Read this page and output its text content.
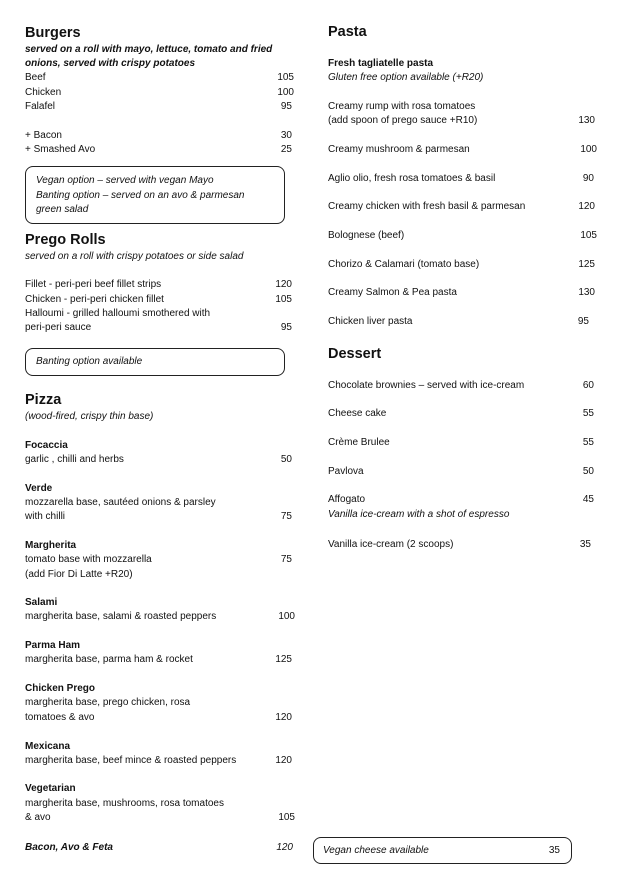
Burgers
served on a roll with mayo, lettuce, tomato and fried
onions, served with crispy potatoes
Beef	105
Chicken	100
Falafel	95
+ Bacon	30
+ Smashed Avo	25
Vegan option – served with vegan Mayo
Banting option – served on an avo & parmesan
green salad
Prego Rolls
served on a roll with crispy potatoes or side salad
Fillet - peri-peri beef fillet strips	120
Chicken - peri-peri chicken fillet	105
Halloumi - grilled halloumi smothered with
peri-peri sauce	95
Banting option available
Pizza
(wood-fired, crispy thin base)
Focaccia
garlic , chilli and herbs	50
Verde
mozzarella base, sautéed onions & parsley
with chilli	75
Margherita
tomato base with mozzarella	75
(add Fior Di Latte +R20)
Salami
margherita base, salami & roasted peppers	100
Parma Ham
margherita base, parma ham & rocket	125
Chicken Prego
margherita base, prego chicken, rosa
tomatoes & avo	120
Mexicana
margherita base, beef mince & roasted peppers	120
Vegetarian
margherita base, mushrooms, rosa tomatoes
& avo	105
Bacon, Avo & Feta	120
Pasta
Fresh tagliatelle pasta
Gluten free option available (+R20)
Creamy rump with rosa tomatoes
(add spoon of prego sauce +R10)	130
Creamy mushroom & parmesan	100
Aglio olio, fresh rosa tomatoes & basil	90
Creamy chicken with fresh basil & parmesan	120
Bolognese (beef)	105
Chorizo & Calamari (tomato base)	125
Creamy Salmon & Pea pasta	130
Chicken liver pasta	95
Dessert
Chocolate brownies – served with ice-cream	60
Cheese cake	55
Crème Brulee	55
Pavlova	50
Affogato	45
Vanilla ice-cream with a shot of espresso
Vanilla ice-cream (2 scoops)	35
Vegan cheese available	35
